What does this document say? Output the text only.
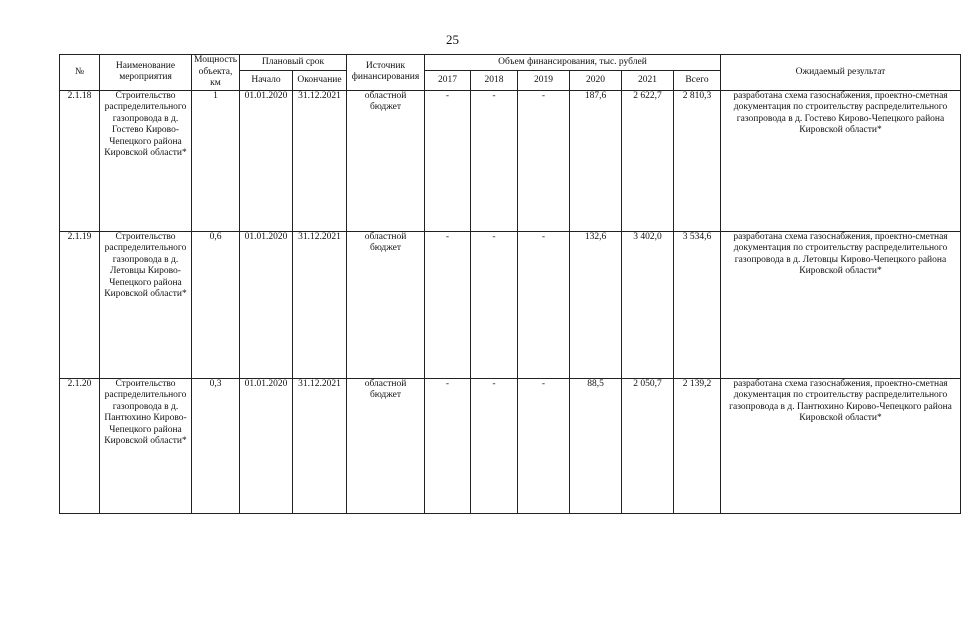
25
№	Наименование мероприятия	Мощность объекта, км	Плановый срок		Источник финансирования	Объем финансирования, тыс. рублей						Ожидаемый результат
			Начало	Окончание		2017	2018	2019	2020	2021	Всего	
2.1.18	Строительство распределительного газопровода в д. Гостево Кирово-Чепецкого района Кировской области*	1	01.01.2020	31.12.2021	областной бюджет	-	-	-	187,6	2 622,7	2 810,3	разработана схема газоснабжения, проектно-сметная документация по строительству распределительного газопровода в д. Гостево Кирово-Чепецкого района Кировской области*
2.1.19	Строительство распределительного газопровода в д. Летовцы Кирово-Чепецкого района Кировской области*	0,6	01.01.2020	31.12.2021	областной бюджет	-	-	-	132,6	3 402,0	3 534,6	разработана схема газоснабжения, проектно-сметная документация по строительству распределительного газопровода в д. Летовцы Кирово-Чепецкого района Кировской области*
2.1.20	Строительство распределительного газопровода в д. Пантюхино Кирово-Чепецкого района Кировской области*	0,3	01.01.2020	31.12.2021	областной бюджет	-	-	-	88,5	2 050,7	2 139,2	разработана схема газоснабжения, проектно-сметная документация по строительству распределительного газопровода в д. Пантюхино Кирово-Чепецкого района Кировской области*
